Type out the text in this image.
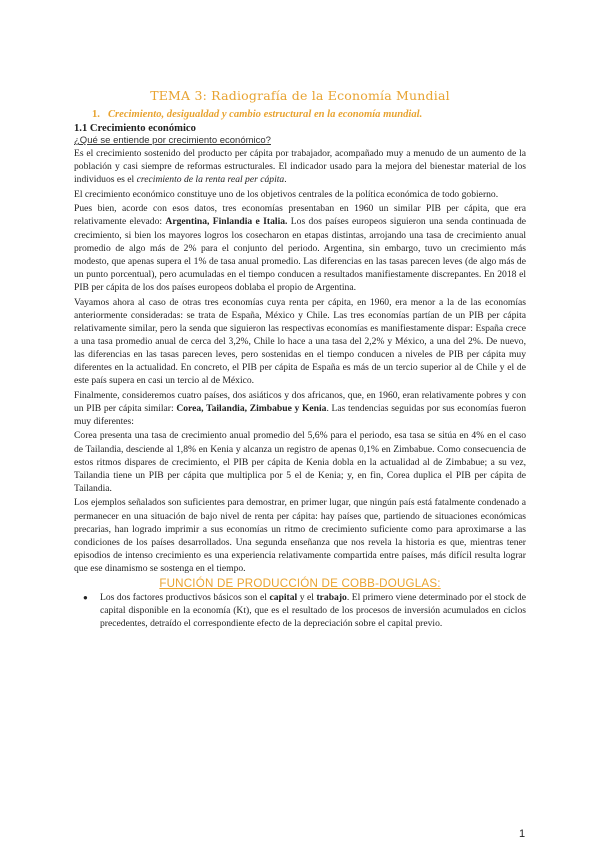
TEMA 3: Radiografía de la Economía Mundial
1. Crecimiento, desigualdad y cambio estructural en la economía mundial.
1.1 Crecimiento económico
¿Qué se entiende por crecimiento económico?

Es el crecimiento sostenido del producto per cápita por trabajador, acompañado muy a menudo de un aumento de la población y casi siempre de reformas estructurales. El indicador usado para la mejora del bienestar material de los individuos es el crecimiento de la renta real per cápita.

El crecimiento económico constituye uno de los objetivos centrales de la política económica de todo gobierno.

Pues bien, acorde con esos datos, tres economías presentaban en 1960 un similar PIB per cápita, que era relativamente elevado: Argentina, Finlandia e Italia. Los dos países europeos siguieron una senda continuada de crecimiento, si bien los mayores logros los cosecharon en etapas distintas, arrojando una tasa de crecimiento anual promedio de algo más de 2% para el conjunto del periodo. Argentina, sin embargo, tuvo un crecimiento más modesto, que apenas supera el 1% de tasa anual promedio. Las diferencias en las tasas parecen leves (de algo más de un punto porcentual), pero acumuladas en el tiempo conducen a resultados manifiestamente discrepantes. En 2018 el PIB per cápita de los dos países europeos doblaba el propio de Argentina.

Vayamos ahora al caso de otras tres economías cuya renta per cápita, en 1960, era menor a la de las economías anteriormente consideradas: se trata de España, México y Chile. Las tres economías partían de un PIB per cápita relativamente similar, pero la senda que siguieron las respectivas economías es manifiestamente dispar: España crece a una tasa promedio anual de cerca del 3,2%, Chile lo hace a una tasa del 2,2% y México, a una del 2%. De nuevo, las diferencias en las tasas parecen leves, pero sostenidas en el tiempo conducen a niveles de PIB per cápita muy diferentes en la actualidad. En concreto, el PIB per cápita de España es más de un tercio superior al de Chile y el de este país supera en casi un tercio al de México.

Finalmente, consideremos cuatro países, dos asiáticos y dos africanos, que, en 1960, eran relativamente pobres y con un PIB per cápita similar: Corea, Tailandia, Zimbabue y Kenia. Las tendencias seguidas por sus economías fueron muy diferentes:

Corea presenta una tasa de crecimiento anual promedio del 5,6% para el periodo, esa tasa se sitúa en 4% en el caso de Tailandia, desciende al 1,8% en Kenia y alcanza un registro de apenas 0,1% en Zimbabue. Como consecuencia de estos ritmos dispares de crecimiento, el PIB per cápita de Kenia dobla en la actualidad al de Zimbabue; a su vez, Tailandia tiene un PIB per cápita que multiplica por 5 el de Kenia; y, en fin, Corea duplica el PIB per cápita de Tailandia.

Los ejemplos señalados son suficientes para demostrar, en primer lugar, que ningún país está fatalmente condenado a permanecer en una situación de bajo nivel de renta per cápita: hay países que, partiendo de situaciones económicas precarias, han logrado imprimir a sus economías un ritmo de crecimiento suficiente como para aproximarse a las condiciones de los países desarrollados. Una segunda enseñanza que nos revela la historia es que, mientras tener episodios de intenso crecimiento es una experiencia relativamente compartida entre países, más difícil resulta lograr que ese dinamismo se sostenga en el tiempo.

FUNCIÓN DE PRODUCCIÓN DE COBB-DOUGLAS:
● Los dos factores productivos básicos son el capital y el trabajo. El primero viene determinado por el stock de capital disponible en la economía (Kt), que es el resultado de los procesos de inversión acumulados en ciclos precedentes, detraído el correspondiente efecto de la depreciación sobre el capital previo.
1
